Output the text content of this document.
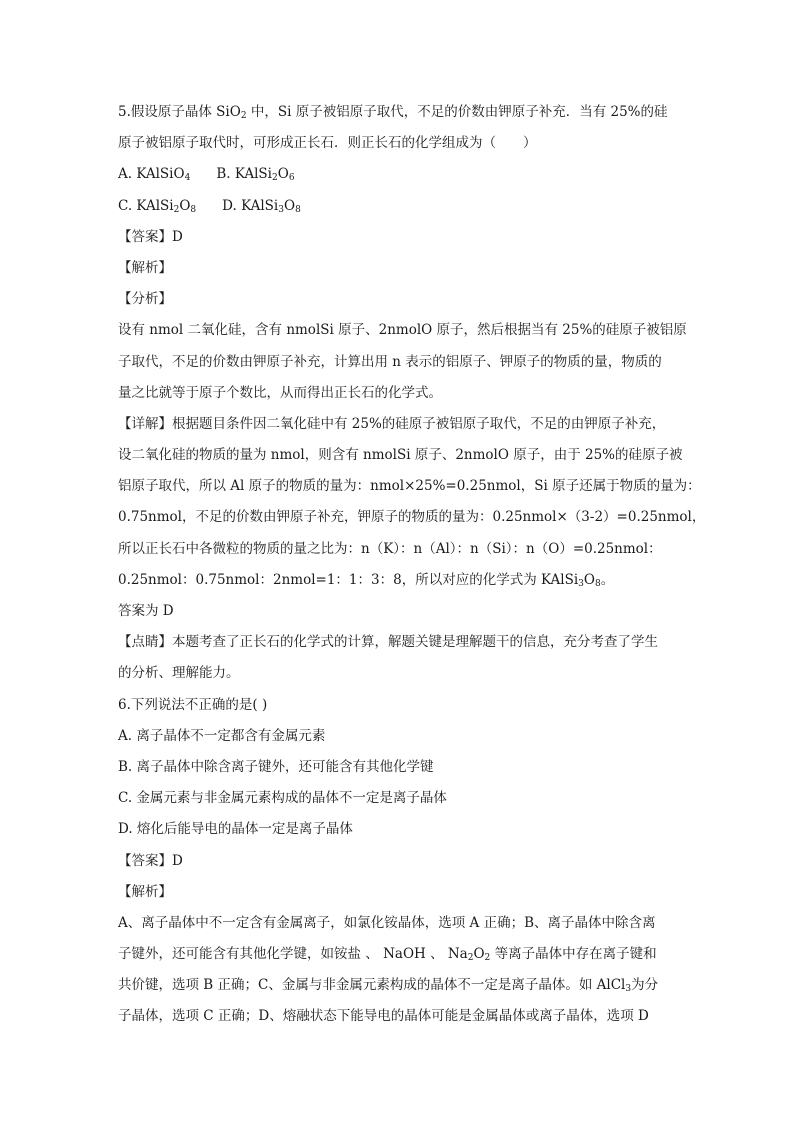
5.假设原子晶体 SiO$_2$ 中，Si 原子被铝原子取代，不足的价数由钾原子补充．当有 25%的硅
原子被铝原子取代时，可形成正长石．则正长石的化学组成为（　　）
A. KAlSiO$_4$ B. $KAlSi_2O_6$
C. $KAlSi_2O_8$ D. $KAlSi_3O_8$
【答案】D
【解析】
【分析】
设有 nmol 二氧化硅，含有 nmolSi 原子、2nmolO 原子，然后根据当有 25%的硅原子被铝原
子取代，不足的价数由钾原子补充，计算出用 n 表示的铝原子、钾原子的物质的量，物质的
量之比就等于原子个数比，从而得出正长石的化学式。
【详解】根据题目条件因二氧化硅中有 25%的硅原子被铝原子取代，不足的由钾原子补充，
设二氧化硅的物质的量为 nmol，则含有 nmolSi 原子、2nmolO 原子，由于 25%的硅原子被
铝原子取代，所以 Al 原子的物质的量为：nmol×25%=0.25nmol，Si 原子还属于物质的量为：
0.75nmol，不足的价数由钾原子补充，钾原子的物质的量为：0.25nmol×（3-2）=0.25nmol，
所以正长石中各微粒的物质的量之比为：n（K）：n（Al）：n（Si）：n（O）=0.25nmol：
0.25nmol：0.75nmol：2nmol=1：1：3：8，所以对应的化学式为 $KAlSi_3O_8$。
答案为 D
【点睛】本题考查了正长石的化学式的计算，解题关键是理解题干的信息，充分考查了学生
的分析、理解能力。
6.下列说法不正确的是( )
A. 离子晶体不一定都含有金属元素
B. 离子晶体中除含离子键外，还可能含有其他化学键
C. 金属元素与非金属元素构成的晶体不一定是离子晶体
D. 熔化后能导电的晶体一定是离子晶体
【答案】D
【解析】
A、离子晶体中不一定含有金属离子，如氯化铵晶体，选项 A 正确；B、离子晶体中除含离
子键外，还可能含有其他化学键，如铵盐 、 NaOH 、 $Na_2O_2$ 等离子晶体中存在离子键和
共价键，选项 B 正确；C、金属与非金属元素构成的晶体不一定是离子晶体。如 AlCl$_3$为分
子晶体，选项 C 正确；D、熔融状态下能导电的晶体可能是金属晶体或离子晶体，选项 D
